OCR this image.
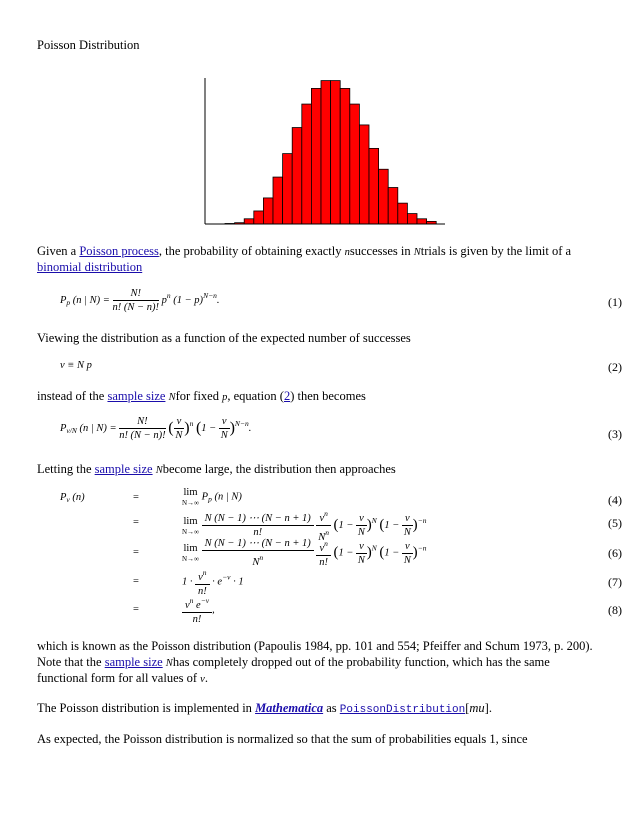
Poisson Distribution
Given a Poisson process, the probability of obtaining exactly nsuccesses in Ntrials is given by the limit of a
binomial distribution
$P_p$ (n | $N) = \frac{N!}{n! (N - n)!} p^n$ $(1 - p)^{N-n}$.	(1)
Viewing the distribution as a function of the expected number of successes
ν ≡ N p	(2)
instead of the sample size Nfor fixed p, equation (2) then becomes
$P_{\nu/N}$ (n | $N) = \frac{N!}{n! (N - n)!}$ ( $\frac{\nu}{N} )^n$ $(1 - \frac{\nu}{N} )^{N-n}$.	(3)
Letting the sample size Nbecome large, the distribution then approaches
$P_\nu$ (n)	=	lim
N→∞
$P_p$ (n | N)	(4)
=	lim
N→∞
$\frac{N (N - 1) \cdots (N - n + 1)}{n!}$
$\frac{\nu^n}{N^n} (1 - \frac{\nu}{N} )^N$ $(1 - \frac{\nu}{N} )^{-n}$	(5)
=	lim
N→∞
$\frac{N (N - 1) \cdots (N - n + 1)}{N^n}$
$\frac{\nu^n}{n!} (1 - \frac{\nu}{N} )^N$ $(1 - \frac{\nu}{N} )^{-n}$	(6)
=	$1 \cdot \frac{\nu^n}{n!} \cdot e^{-\nu} \cdot 1$	(7)
=	$\frac{\nu^n e^{-\nu}}{n!}$ ,	(8)
which is known as the Poisson distribution (Papoulis 1984, pp. 101 and 554; Pfeiffer and Schum 1973, p. 200).
Note that the sample size Nhas completely dropped out of the probability function, which has the same
functional form for all values of ν.
The Poisson distribution is implemented in Mathematica as PoissonDistribution[mu].
As expected, the Poisson distribution is normalized so that the sum of probabilities equals 1, since
